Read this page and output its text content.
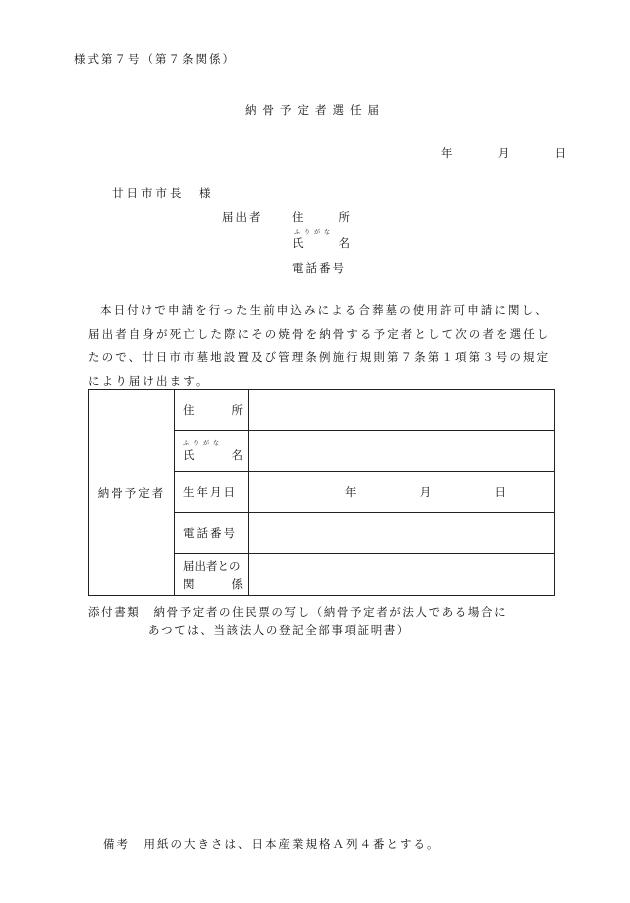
様式第７号（第７条関係）
納骨予定者選任届
年	月	日
廿日市市長　様
届出者	住	所
ふりがな
氏	名
電話番号
本日付けで申請を行った生前申込みによる合葬墓の使用許可申請に関し、届出者自身が死亡した際にその焼骨を納骨する予定者として次の者を選任したので、廿日市市墓地設置及び管理条例施行規則第７条第１項第３号の規定により届け出ます。
納骨予定者	住 所	

	ふりがな
氏 名	

	生年月日	年 月 日

	電話番号	

	届出者との
関 係	

添付書類　納骨予定者の住民票の写し（納骨予定者が法人である場合に
あつては、当該法人の登記全部事項証明書）
備考　用紙の大きさは、日本産業規格Ａ列４番とする。
